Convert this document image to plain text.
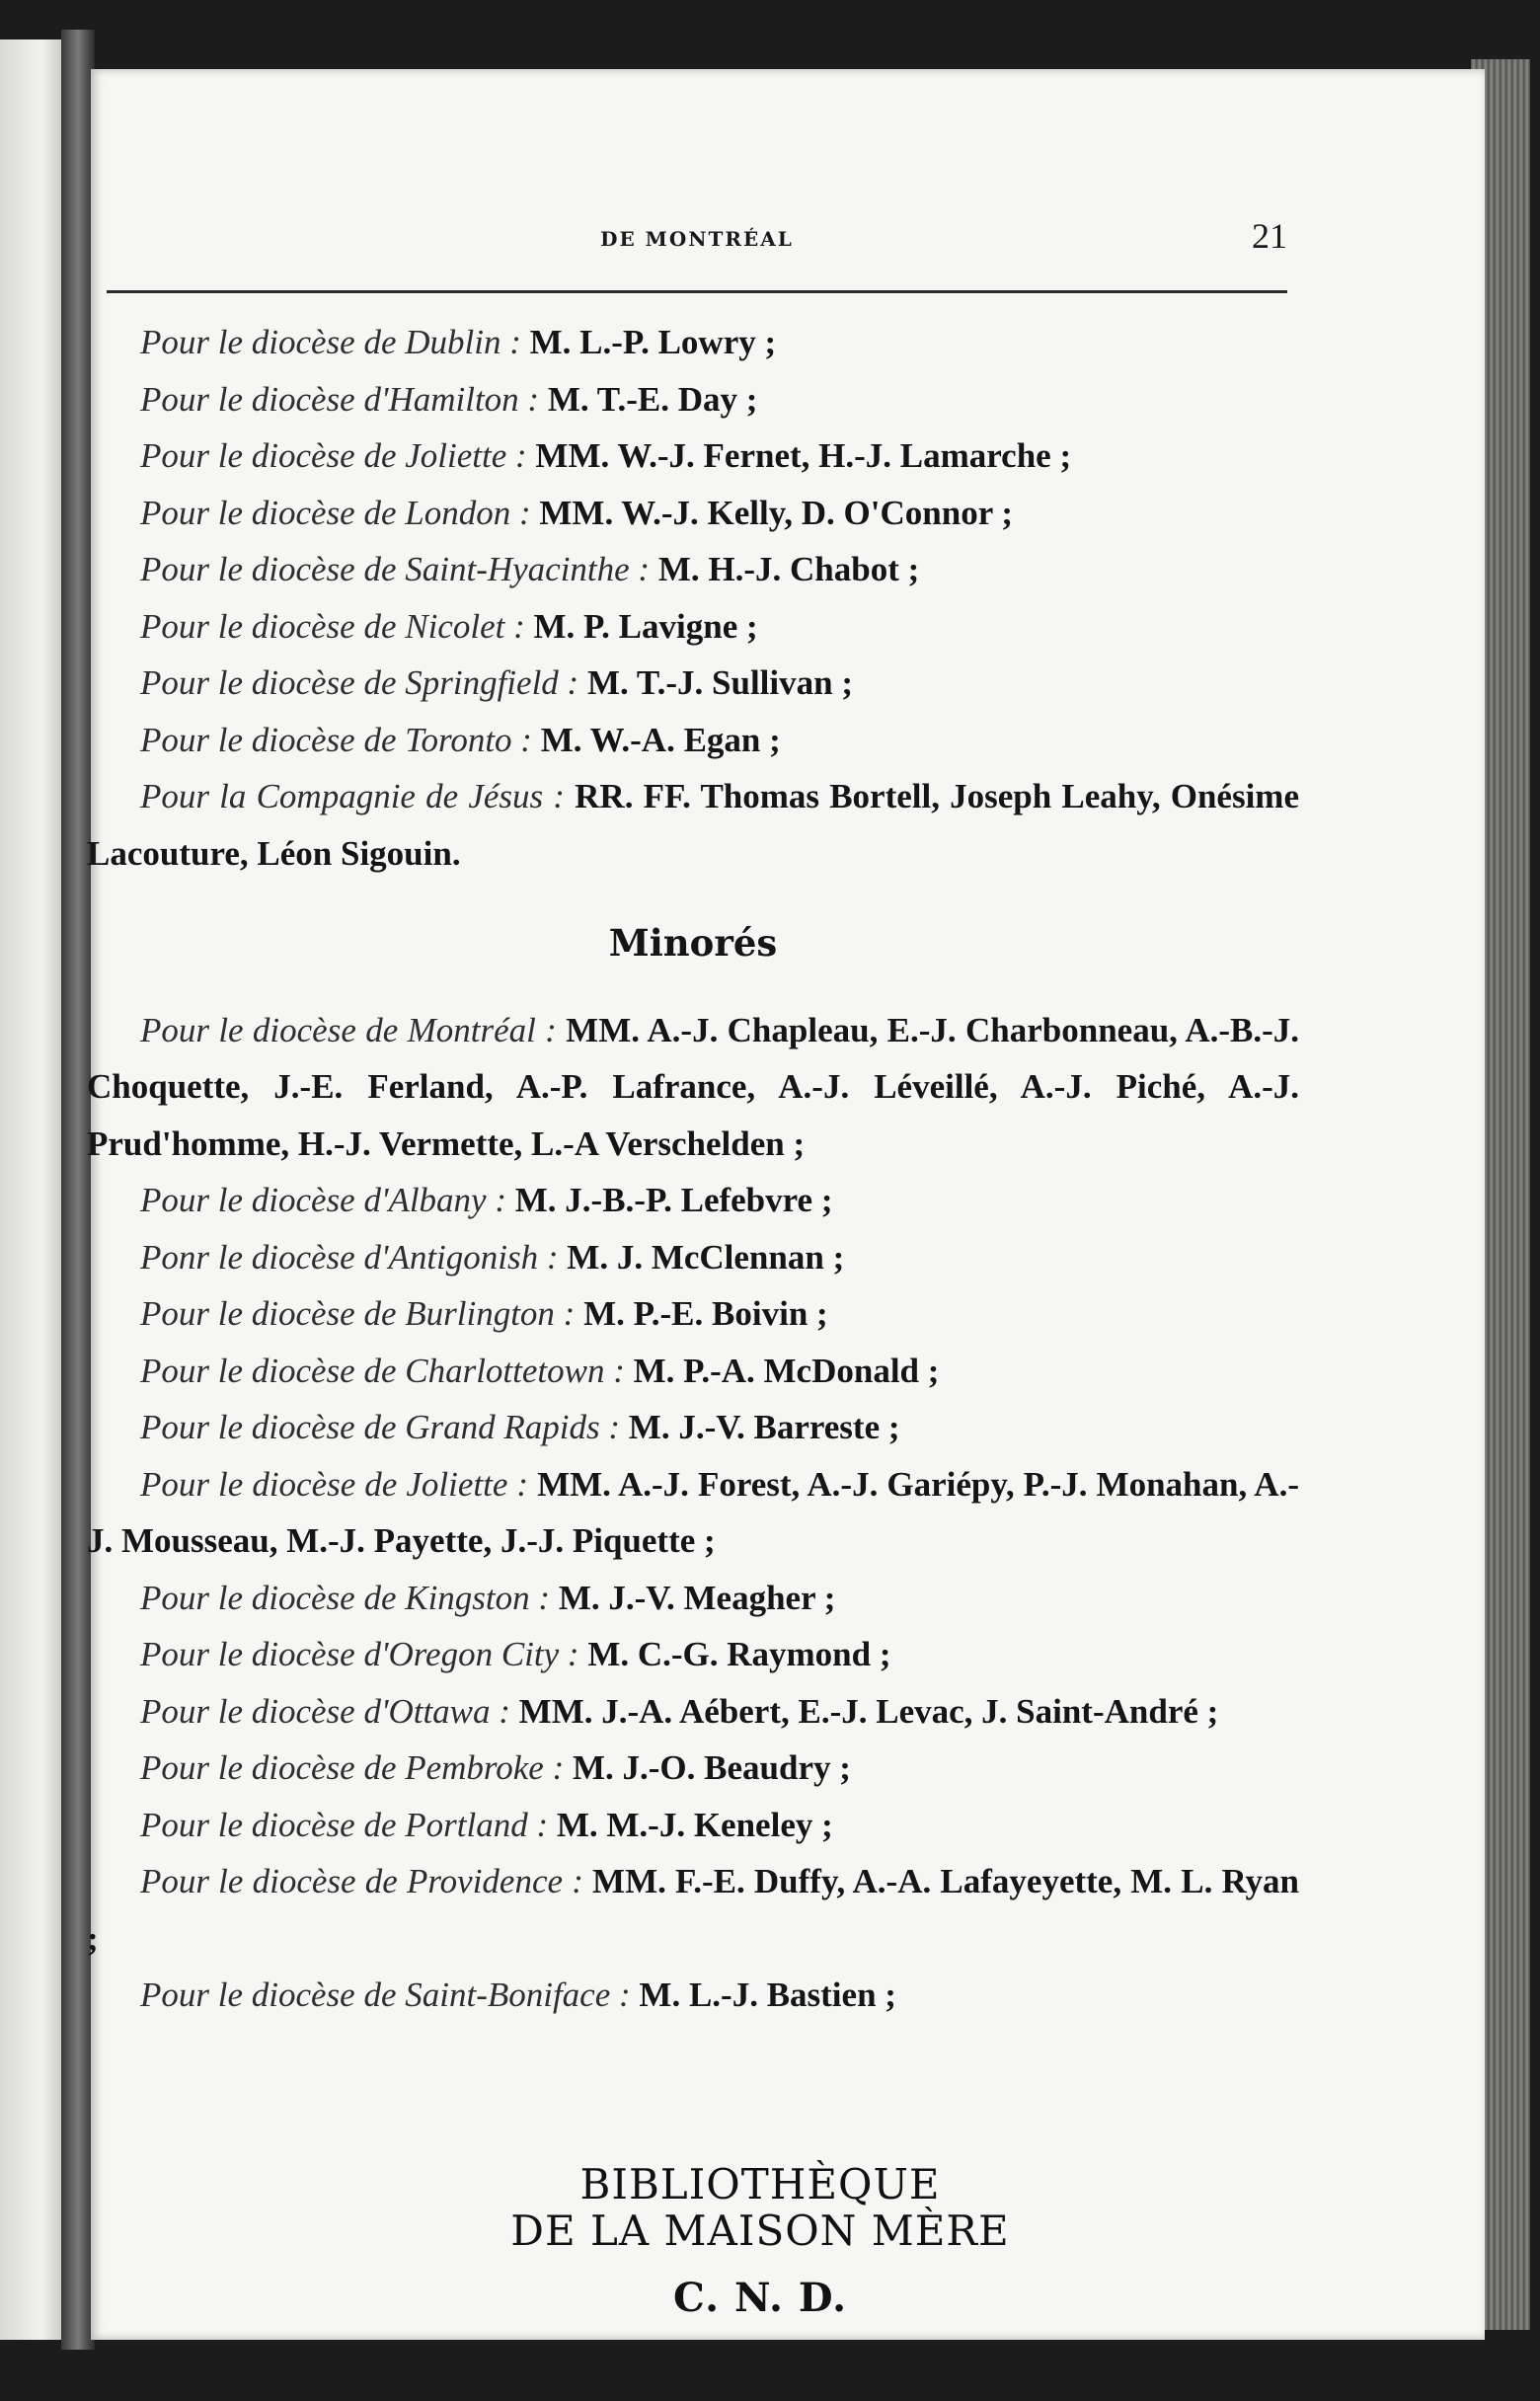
DE MONTRÉAL	21

Pour le diocèse de Dublin : M. L.-P. Lowry ;

Pour le diocèse d'Hamilton : M. T.-E. Day ;

Pour le diocèse de Joliette : MM. W.-J. Fernet, H.-J. Lamarche ;

Pour le diocèse de London : MM. W.-J. Kelly, D. O'Connor ;

Pour le diocèse de Saint-Hyacinthe : M. H.-J. Chabot ;

Pour le diocèse de Nicolet : M. P. Lavigne ;

Pour le diocèse de Springfield : M. T.-J. Sullivan ;

Pour le diocèse de Toronto : M. W.-A. Egan ;

Pour la Compagnie de Jésus : RR. FF. Thomas Bortell, Joseph Leahy, Onésime Lacouture, Léon Sigouin.

Minorés

Pour le diocèse de Montréal : MM. A.-J. Chapleau, E.-J. Charbonneau, A.-B.-J. Choquette, J.-E. Ferland, A.-P. Lafrance, A.-J. Léveillé, A.-J. Piché, A.-J. Prud'homme, H.-J. Vermette, L.-A Verschelden ;

Pour le diocèse d'Albany : M. J.-B.-P. Lefebvre ;

Ponr le diocèse d'Antigonish : M. J. McClennan ;

Pour le diocèse de Burlington : M. P.-E. Boivin ;

Pour le diocèse de Charlottetown : M. P.-A. McDonald ;

Pour le diocèse de Grand Rapids : M. J.-V. Barreste ;

Pour le diocèse de Joliette : MM. A.-J. Forest, A.-J. Gariépy, P.-J. Monahan, A.-J. Mousseau, M.-J. Payette, J.-J. Piquette ;

Pour le diocèse de Kingston : M. J.-V. Meagher ;

Pour le diocèse d'Oregon City : M. C.-G. Raymond ;

Pour le diocèse d'Ottawa : MM. J.-A. Aébert, E.-J. Levac, J. Saint-André ;

Pour le diocèse de Pembroke : M. J.-O. Beaudry ;

Pour le diocèse de Portland : M. M.-J. Keneley ;

Pour le diocèse de Providence : MM. F.-E. Duffy, A.-A. Lafayeyette, M. L. Ryan ;

Pour le diocèse de Saint-Boniface : M. L.-J. Bastien ;

BIBLIOTHÈQUE
DE LA MAISON MÈRE
C. N. D.
